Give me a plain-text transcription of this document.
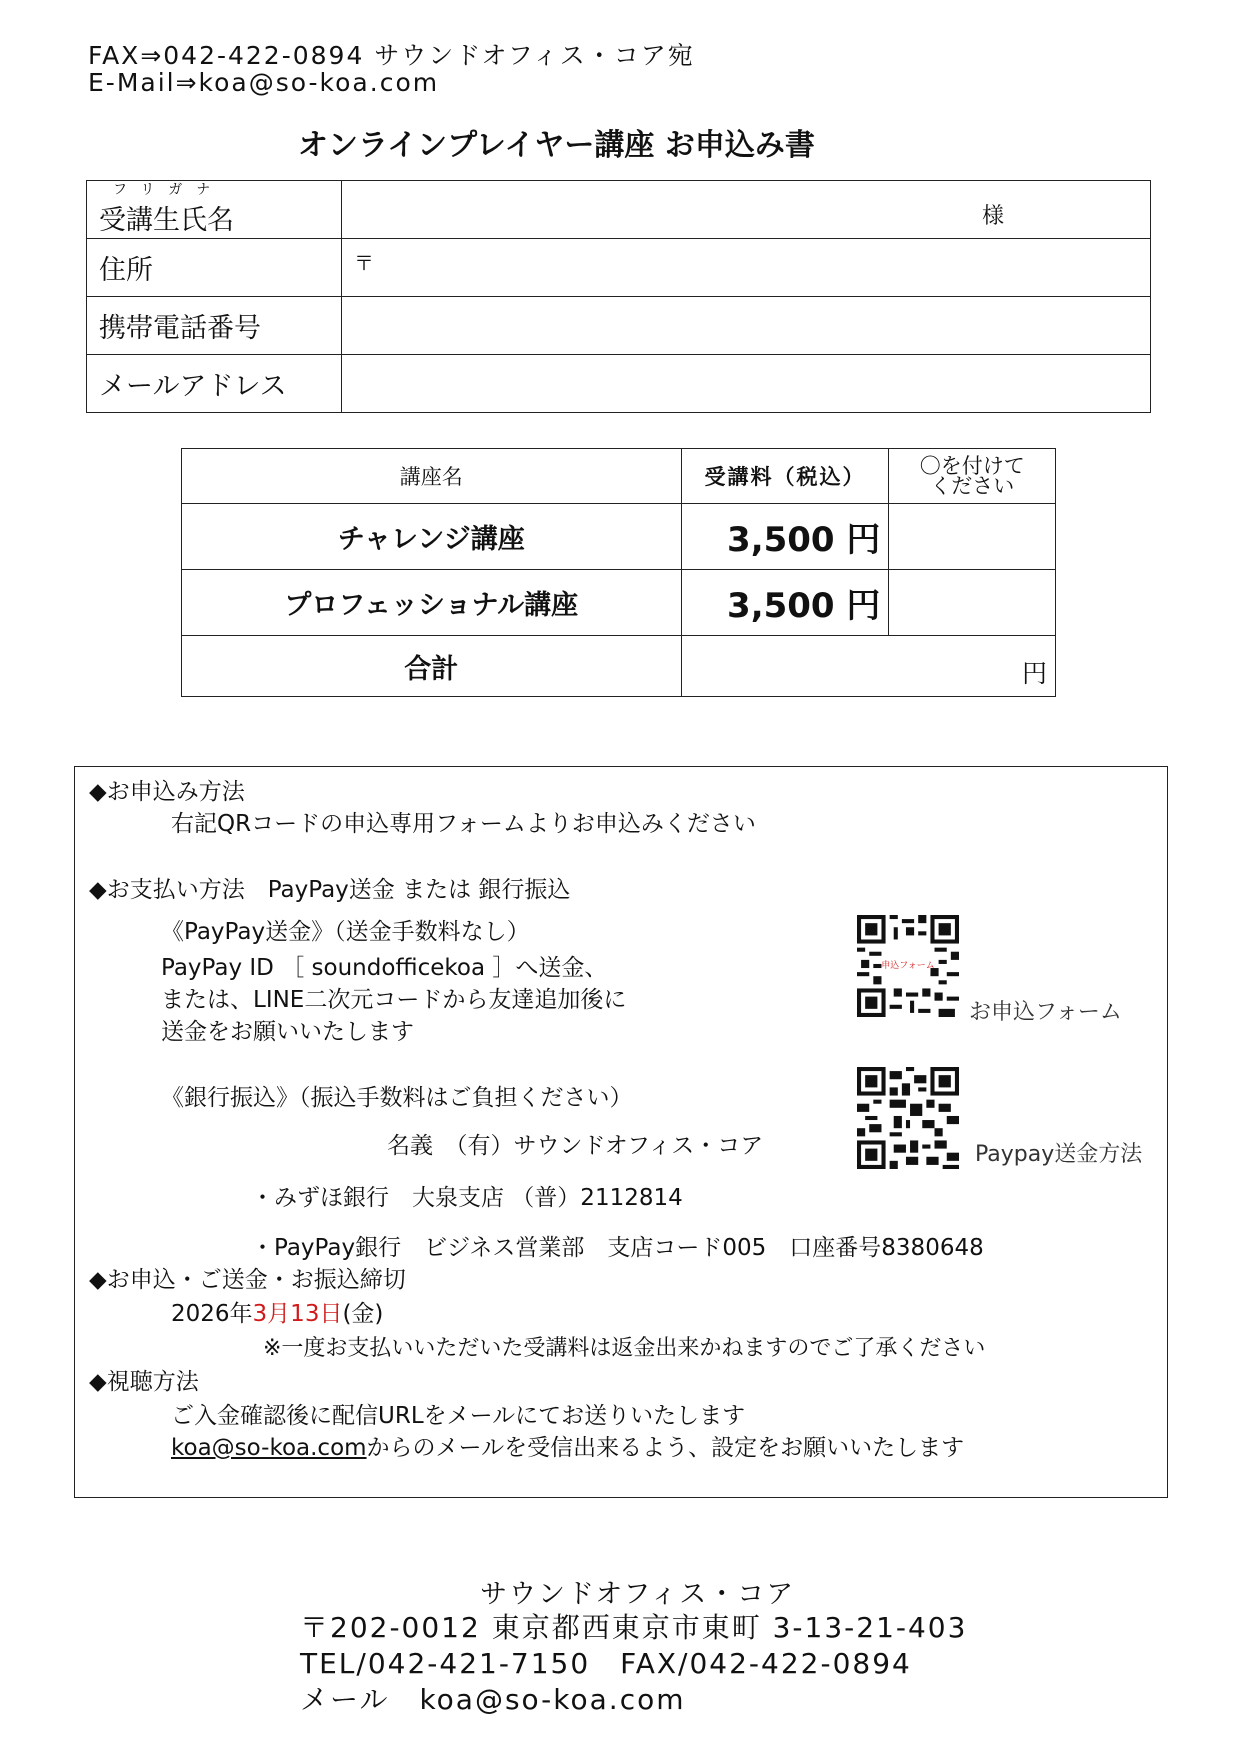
FAX⇒042-422-0894 サウンドオフィス・コア宛
E-Mail⇒koa@so-koa.com
オンラインプレイヤー講座 お申込み書
フリガナ
受講生氏名	様

住所	〒

携帯電話番号	
メールアドレス	
講座名	受講料（税込）	〇を付けて
ください

チャレンジ講座	3,500 円	
プロフェッショナル講座	3,500 円	
合計	円	
◆お申込み方法
右記QRコードの申込専用フォームよりお申込みください
◆お支払い方法　PayPay送金 または 銀行振込
《PayPay送金》（送金手数料なし）
PayPay ID ［ soundofficekoa ］へ送金、
または、LINE二次元コードから友達追加後に
送金をお願いいたします
《銀行振込》（振込手数料はご負担ください）
名義　（有）サウンドオフィス・コア
・みずほ銀行　大泉支店 （普）2112814
・PayPay銀行　ビジネス営業部　支店コード005　口座番号8380648
◆お申込・ご送金・お振込締切
2026年3月13日(金)
※一度お支払いいただいた受講料は返金出来かねますのでご了承ください
◆視聴方法
ご入金確認後に配信URLをメールにてお送りいたします
koa@so-koa.comからのメールを受信出来るよう、設定をお願いいたします
申込フォーム
お申込フォーム
Paypay送金方法
サウンドオフィス・コア
〒202-0012 東京都西東京市東町 3-13-21-403
TEL/042-421-7150　FAX/042-422-0894
メール　koa@so-koa.com
